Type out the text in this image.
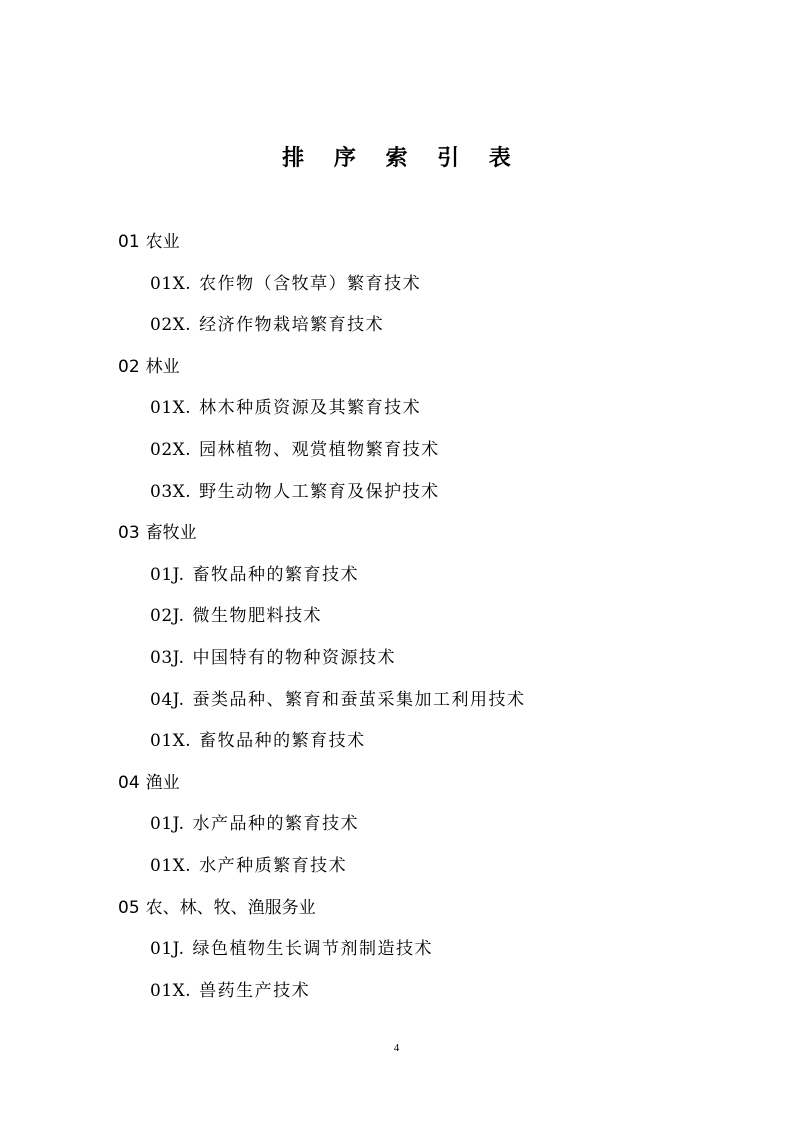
排 序 索 引 表
01 农业
01X. 农作物（含牧草）繁育技术
02X. 经济作物栽培繁育技术
02 林业
01X. 林木种质资源及其繁育技术
02X. 园林植物、观赏植物繁育技术
03X. 野生动物人工繁育及保护技术
03 畜牧业
01J. 畜牧品种的繁育技术
02J. 微生物肥料技术
03J. 中国特有的物种资源技术
04J. 蚕类品种、繁育和蚕茧采集加工利用技术
01X. 畜牧品种的繁育技术
04 渔业
01J. 水产品种的繁育技术
01X. 水产种质繁育技术
05 农、林、牧、渔服务业
01J. 绿色植物生长调节剂制造技术
01X. 兽药生产技术
4
